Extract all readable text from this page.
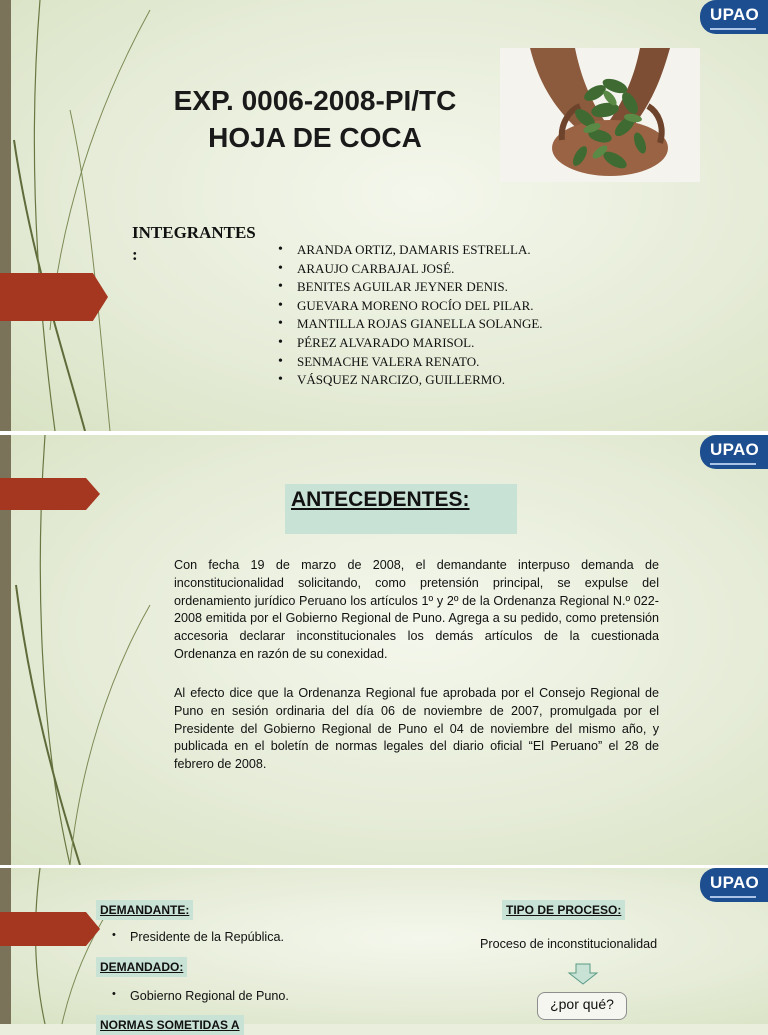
UPAO
EXP. 0006-2008-PI/TC
HOJA DE COCA
INTEGRANTES
:
•	ARANDA ORTIZ, DAMARIS ESTRELLA.
• ARAUJO CARBAJAL JOSÉ.
• BENITES AGUILAR JEYNER DENIS.
• GUEVARA MORENO ROCÍO DEL PILAR.
• MANTILLA ROJAS GIANELLA SOLANGE.
• PÉREZ ALVARADO MARISOL.
• SENMACHE VALERA RENATO.
• VÁSQUEZ NARCIZO, GUILLERMO.
UPAO
ANTECEDENTES:
Con fecha 19 de marzo de 2008, el demandante interpuso demanda de inconstitucionalidad solicitando, como pretensión principal, se expulse del ordenamiento jurídico Peruano los artículos 1º y 2º de la Ordenanza Regional N.º 022-2008 emitida por el Gobierno Regional de Puno. Agrega a su pedido, como pretensión accesoria declarar inconstitucionales los demás artículos de la cuestionada Ordenanza en razón de su conexidad.
Al efecto dice que la Ordenanza Regional fue aprobada por el Consejo Regional de Puno en sesión ordinaria del día 06 de noviembre de 2007, promulgada por el Presidente del Gobierno Regional de Puno el 04 de noviembre del mismo año, y publicada en el boletín de normas legales del diario oficial “El Peruano” el 28 de febrero de 2008.
UPAO
DEMANDANTE:
• Presidente de la República.
DEMANDADO:
• Gobierno Regional de Puno.
NORMAS SOMETIDAS A
TIPO DE PROCESO:
Proceso de inconstitucionalidad
¿por qué?
